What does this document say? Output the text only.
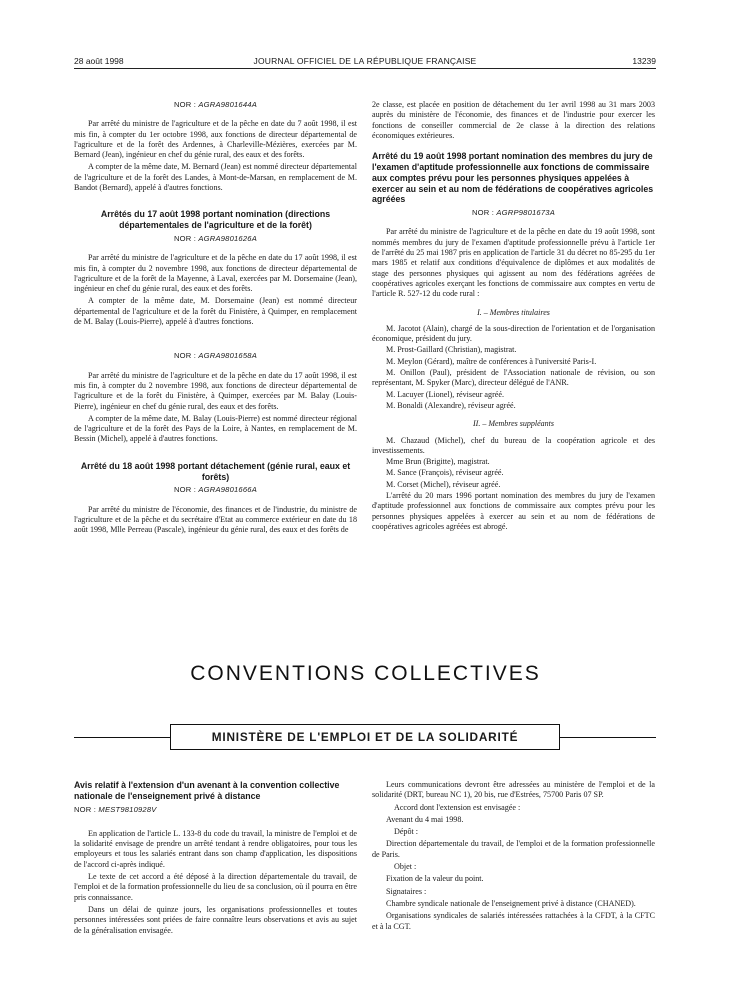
28 août 1998	JOURNAL OFFICIEL DE LA RÉPUBLIQUE FRANÇAISE	13239
NOR : AGRA9801644A

Par arrêté du ministre de l'agriculture et de la pêche en date du 7 août 1998, il est mis fin, à compter du 1er octobre 1998, aux fonctions de directeur départemental de l'agriculture et de la forêt des Ardennes, à Charleville-Mézières, exercées par M. Bernard (Jean), ingénieur en chef du génie rural, des eaux et des forêts.

A compter de la même date, M. Bernard (Jean) est nommé directeur départemental de l'agriculture et de la forêt des Landes, à Mont-de-Marsan, en remplacement de M. Bandot (Bernard), appelé à d'autres fonctions.

Arrêtés du 17 août 1998 portant nomination (directions départementales de l'agriculture et de la forêt)
NOR : AGRA9801626A

Par arrêté du ministre de l'agriculture et de la pêche en date du 17 août 1998, il est mis fin, à compter du 2 novembre 1998, aux fonctions de directeur départemental de l'agriculture et de la forêt de la Mayenne, à Laval, exercées par M. Dorsemaine (Jean), ingénieur en chef du génie rural, des eaux et des forêts.

A compter de la même date, M. Dorsemaine (Jean) est nommé directeur départemental de l'agriculture et de la forêt du Finistère, à Quimper, en remplacement de M. Balay (Louis-Pierre), appelé à d'autres fonctions.

NOR : AGRA9801658A

Par arrêté du ministre de l'agriculture et de la pêche en date du 17 août 1998, il est mis fin, à compter du 2 novembre 1998, aux fonctions de directeur départemental de l'agriculture et de la forêt du Finistère, à Quimper, exercées par M. Balay (Louis-Pierre), ingénieur en chef du génie rural, des eaux et des forêts.

A compter de la même date, M. Balay (Louis-Pierre) est nommé directeur régional de l'agriculture et de la forêt des Pays de la Loire, à Nantes, en remplacement de M. Bessin (Michel), appelé à d'autres fonctions.

Arrêté du 18 août 1998 portant détachement (génie rural, eaux et forêts)
NOR : AGRA9801666A

Par arrêté du ministre de l'économie, des finances et de l'industrie, du ministre de l'agriculture et de la pêche et du secrétaire d'Etat au commerce extérieur en date du 18 août 1998, Mlle Perreau (Pascale), ingénieur du génie rural, des eaux et des forêts de

2e classe, est placée en position de détachement du 1er avril 1998 au 31 mars 2003 auprès du ministère de l'économie, des finances et de l'industrie pour exercer les fonctions de conseiller commercial de 2e classe à la direction des relations économiques extérieures.

Arrêté du 19 août 1998 portant nomination des membres du jury de l'examen d'aptitude professionnelle aux fonctions de commissaire aux comptes prévu pour les personnes physiques appelées à exercer au sein et au nom de fédérations de coopératives agricoles agréées
NOR : AGRP9801673A

Par arrêté du ministre de l'agriculture et de la pêche en date du 19 août 1998, sont nommés membres du jury de l'examen d'aptitude professionnelle prévu à l'article 1er de l'arrêté du 25 mai 1987 pris en application de l'article 31 du décret no 85-295 du 1er mars 1985 et relatif aux conditions d'équivalence de diplômes et aux modalités de stage des personnes physiques qui agissent au nom des fédérations agréées de coopératives agricoles exerçant les fonctions de commissaire aux comptes en vertu de l'article R. 527-12 du code rural :

I. – Membres titulaires

M. Jacotot (Alain), chargé de la sous-direction de l'orientation et de l'organisation économique, président du jury.

M. Prost-Gaillard (Christian), magistrat.

M. Meylon (Gérard), maître de conférences à l'université Paris-I.

M. Onillon (Paul), président de l'Association nationale de révision, ou son représentant, M. Spyker (Marc), directeur délégué de l'ANR.

M. Lacuyer (Lionel), réviseur agréé.

M. Bonaldi (Alexandre), réviseur agréé.

II. – Membres suppléants

M. Chazaud (Michel), chef du bureau de la coopération agricole et des investissements.

Mme Brun (Brigitte), magistrat.

M. Sance (François), réviseur agréé.

M. Corset (Michel), réviseur agréé.

L'arrêté du 20 mars 1996 portant nomination des membres du jury de l'examen d'aptitude professionnel aux fonctions de commissaire aux comptes prévu pour les personnes physiques appelées à exercer au sein et au nom de fédérations de coopératives agricoles agréées est abrogé.

CONVENTIONS COLLECTIVES
MINISTÈRE DE L'EMPLOI ET DE LA SOLIDARITÉ
Avis relatif à l'extension d'un avenant à la convention collective nationale de l'enseignement privé à distance
NOR : MEST9810928V

En application de l'article L. 133-8 du code du travail, la ministre de l'emploi et de la solidarité envisage de prendre un arrêté tendant à rendre obligatoires, pour tous les employeurs et tous les salariés entrant dans son champ d'application, les dispositions de l'accord ci-après indiqué.

Le texte de cet accord a été déposé à la direction départementale du travail, de l'emploi et de la formation professionnelle du lieu de sa conclusion, où il pourra en être pris connaissance.

Dans un délai de quinze jours, les organisations professionnelles et toutes personnes intéressées sont priées de faire connaître leurs observations et avis au sujet de la généralisation envisagée.

Leurs communications devront être adressées au ministère de l'emploi et de la solidarité (DRT, bureau NC 1), 20 bis, rue d'Estrées, 75700 Paris 07 SP.

Accord dont l'extension est envisagée :

Avenant du 4 mai 1998.

Dépôt :

Direction départementale du travail, de l'emploi et de la formation professionnelle de Paris.

Objet :

Fixation de la valeur du point.

Signataires :

Chambre syndicale nationale de l'enseignement privé à distance (CHANED).

Organisations syndicales de salariés intéressées rattachées à la CFDT, à la CFTC et à la CGT.
